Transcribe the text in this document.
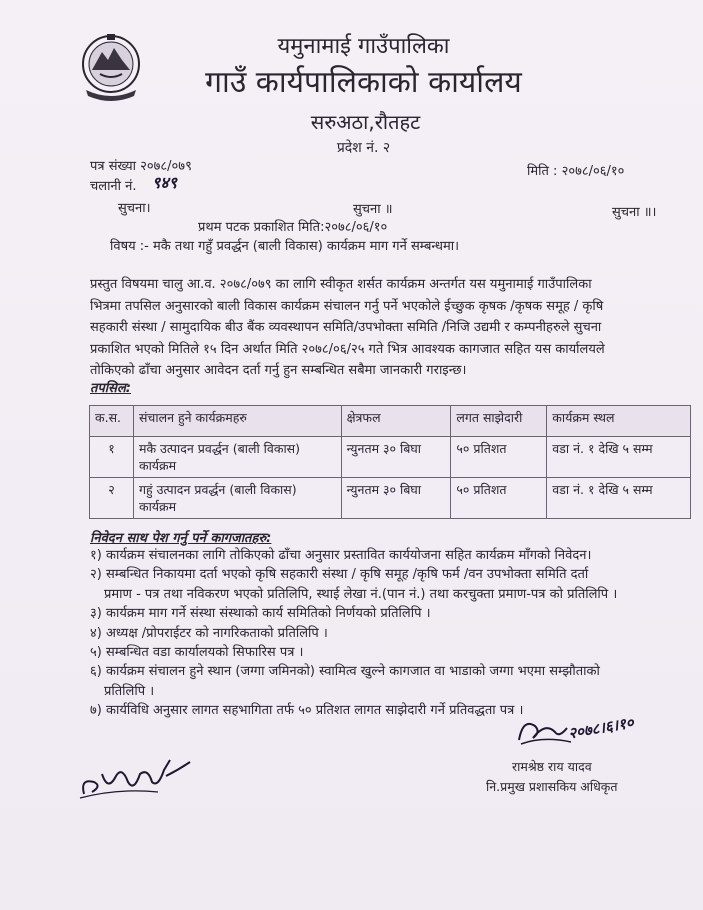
यमुनामाई गाउँपालिका
गाउँ कार्यपालिकाको कार्यालय
सरुअठा,रौतहट
प्रदेश नं. २
पत्र संख्या २०७८/०७९
चलानी नं. ९४९
मिति : २०७८/०६/१०
सुचना।	सुचना ॥	सुचना ॥।
प्रथम पटक प्रकाशित मिति:२०७८/०६/१०
विषय :- मकै तथा गहुँ प्रवर्द्धन (बाली विकास) कार्यक्रम माग गर्ने सम्बन्धमा।
प्रस्तुत विषयमा चालु आ.व. २०७८/०७९ का लागि स्वीकृत शर्सत कार्यक्रम अन्तर्गत यस यमुनामाई गाउँपालिका
भित्रमा तपसिल अनुसारको बाली विकास कार्यक्रम संचालन गर्नु पर्ने भएकोले ईच्छुक कृषक /कृषक समूह / कृषि
सहकारी संस्था / सामुदायिक बीउ बैंक व्यवस्थापन समिति/उपभोक्ता समिति /निजि उद्यमी र कम्पनीहरुले सुचना
प्रकाशित भएको मितिले १५ दिन अर्थात मिति २०७८/०६/२५ गते भित्र आवश्यक कागजात सहित यस कार्यालयले
तोकिएको ढाँचा अनुसार आवेदन दर्ता गर्नु हुन सम्बन्धित सबैमा जानकारी गराइन्छ।
तपसिल:
क.स.	संचालन हुने कार्यक्रमहरु	क्षेत्रफल	लगत साझेदारी	कार्यक्रम स्थल
१	मकै उत्पादन प्रवर्द्धन (बाली विकास) कार्यक्रम	न्युनतम ३० बिघा	५० प्रतिशत	वडा नं. १ देखि ५ सम्म
२	गहुं उत्पादन प्रवर्द्धन (बाली विकास) कार्यक्रम	न्युनतम ३० बिघा	५० प्रतिशत	वडा नं. १ देखि ५ सम्म
निवेदन साथ पेश गर्नु पर्ने कागजातहरु:
१) कार्यक्रम संचालनका लागि तोकिएको ढाँचा अनुसार प्रस्तावित कार्ययोजना सहित कार्यक्रम माँगको निवेदन।
२) सम्बन्धित निकायमा दर्ता भएको कृषि सहकारी संस्था / कृषि समूह /कृषि फर्म /वन उपभोक्ता समिति दर्ता
प्रमाण - पत्र तथा नविकरण भएको प्रतिलिपि, स्थाई लेखा नं.(पान नं.) तथा करचुक्ता प्रमाण-पत्र को प्रतिलिपि ।
३) कार्यक्रम माग गर्ने संस्था संस्थाको कार्य समितिको निर्णयको प्रतिलिपि ।
४) अध्यक्ष /प्रोपराईटर को नागरिकताको प्रतिलिपि ।
५) सम्बन्धित वडा कार्यालयको सिफारिस पत्र ।
६) कार्यक्रम संचालन हुने स्थान (जग्गा जमिनको) स्वामित्व खुल्ने कागजात वा भाडाको जग्गा भएमा सम्झौताको
प्रतिलिपि ।
७) कार्यविधि अनुसार लागत सहभागिता तर्फ ५० प्रतिशत लागत साझेदारी गर्ने प्रतिवद्धता पत्र ।
२०७८।६।१०
रामश्रेष्ठ राय यादव
नि.प्रमुख प्रशासकिय अधिकृत
